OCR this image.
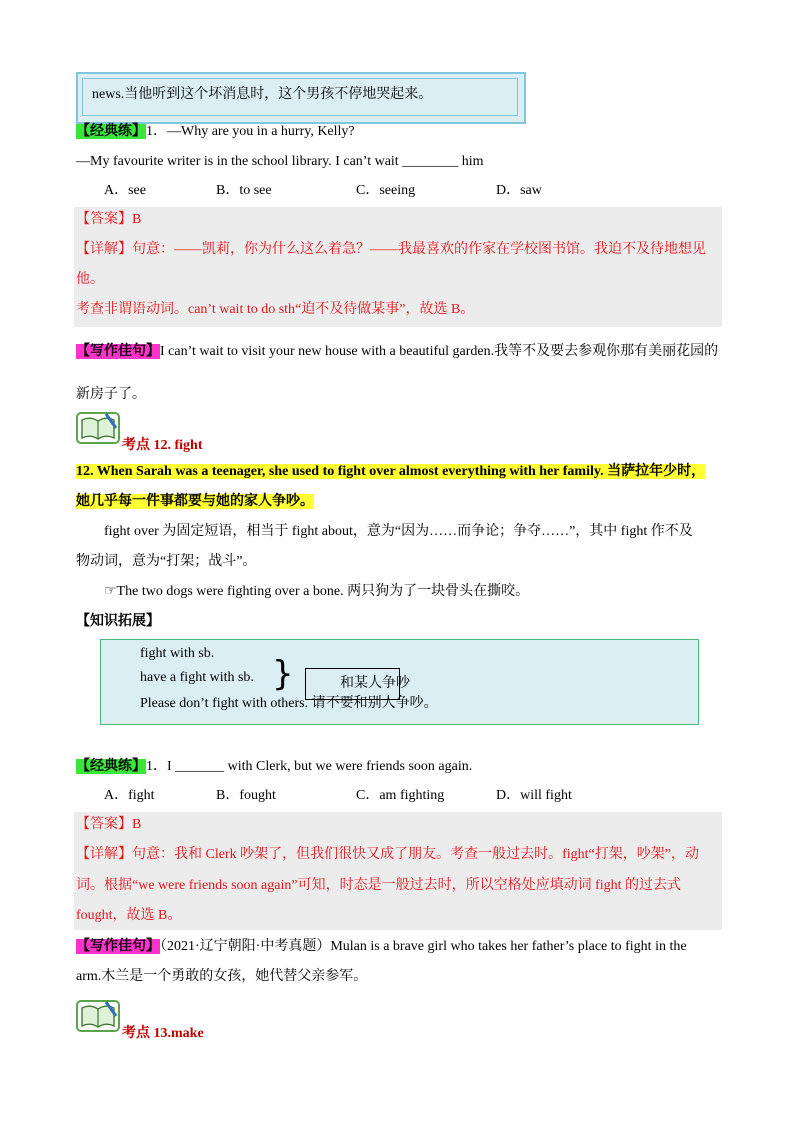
news.当他听到这个坏消息时，这个男孩不停地哭起来。
【经典练】1．—Why are you in a hurry, Kelly?
—My favourite writer is in the school library. I can’t wait ________ him
A．see	B．to see	C．seeing	D．saw
【答案】B
【详解】句意：——凯莉，你为什么这么着急？——我最喜欢的作家在学校图书馆。我迫不及待地想见
他。
考查非谓语动词。can’t wait to do sth“迫不及待做某事”，故选 B。
【写作佳句】I can’t wait to visit your new house with a beautiful garden.我等不及要去参观你那有美丽花园的
新房子了。
考点 12. fight
12. When Sarah was a teenager, she used to fight over almost everything with her family. 当萨拉年少时，
她几乎每一件事都要与她的家人争吵。
fight over 为固定短语，相当于 fight about，意为“因为……而争论；争夺……”，其中 fight 作不及
物动词，意为“打架；战斗”。
☞The two dogs were fighting over a bone. 两只狗为了一块骨头在撕咬。
【知识拓展】
fight with sb.
have a fight with sb.
Please don’t fight with others. 请不要和别人争吵。
}	和某人争吵
【经典练】1．I _______ with Clerk, but we were friends soon again.
A．fight	B．fought	C．am fighting	D．will fight
【答案】B
【详解】句意：我和 Clerk 吵架了，但我们很快又成了朋友。考查一般过去时。fight“打架，吵架”，动
词。根据“we were friends soon again”可知，时态是一般过去时，所以空格处应填动词 fight 的过去式
fought，故选 B。
【写作佳句】（2021·辽宁朝阳·中考真题）Mulan is a brave girl who takes her father’s place to fight in the
arm.木兰是一个勇敢的女孩，她代替父亲参军。
考点 13.make
